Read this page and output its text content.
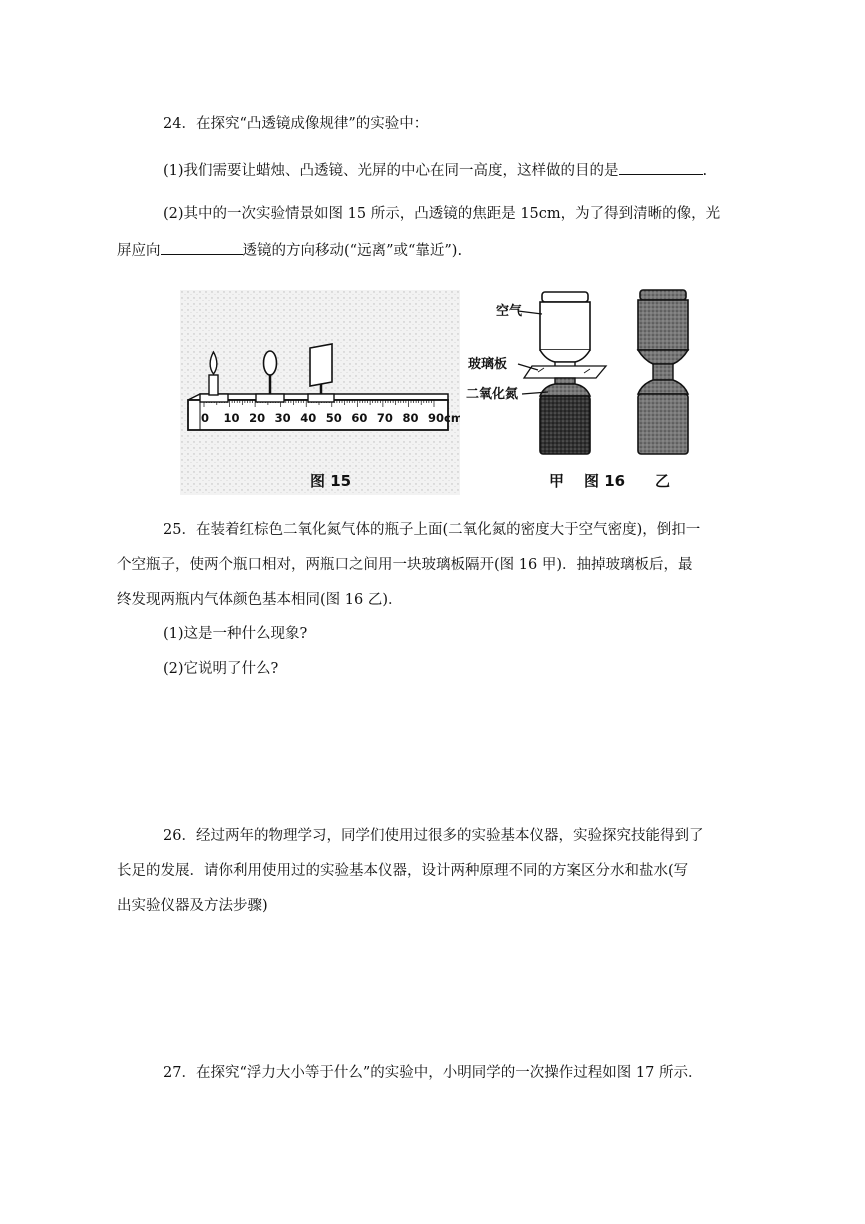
24．在探究“凸透镜成像规律”的实验中：
(1)我们需要让蜡烛、凸透镜、光屏的中心在同一高度，这样做的目的是	.
(2)其中的一次实验情景如图 15 所示，凸透镜的焦距是 15cm，为了得到清晰的像，光
屏应向	透镜的方向移动(“远离”或“靠近”).
0 10 20 30 40 50 60 70 80 90cm
图 15
空气
玻璃板
二氧化氮
甲 图 16 乙
25．在装着红棕色二氧化氮气体的瓶子上面(二氧化氮的密度大于空气密度)，倒扣一
个空瓶子，使两个瓶口相对，两瓶口之间用一块玻璃板隔开(图 16 甲)．抽掉玻璃板后，最
终发现两瓶内气体颜色基本相同(图 16 乙)．
(1)这是一种什么现象?
(2)它说明了什么?
26．经过两年的物理学习，同学们使用过很多的实验基本仪器，实验探究技能得到了
长足的发展．请你利用使用过的实验基本仪器，设计两种原理不同的方案区分水和盐水(写
出实验仪器及方法步骤)
27．在探究“浮力大小等于什么”的实验中，小明同学的一次操作过程如图 17 所示．
